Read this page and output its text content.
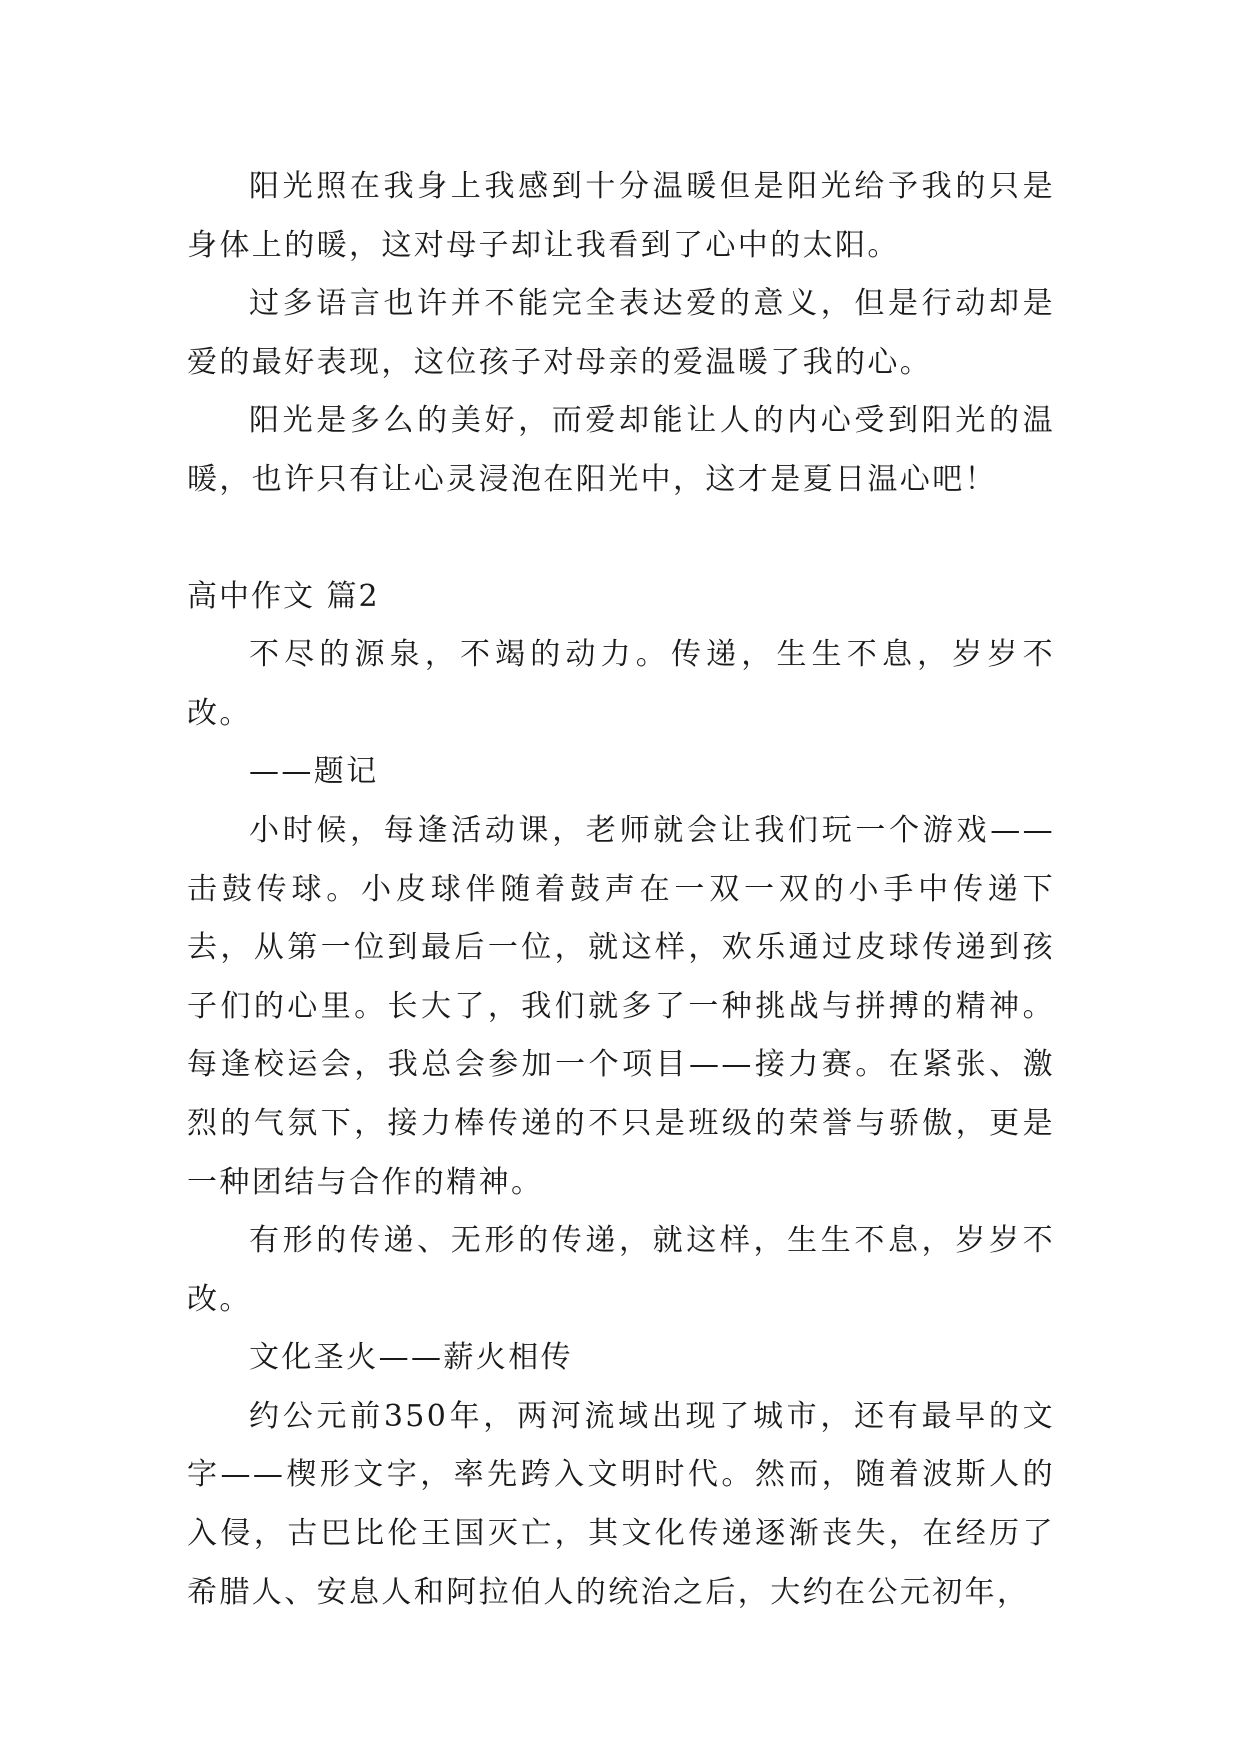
阳光照在我身上我感到十分温暖但是阳光给予我的只是身体上的暖，这对母子却让我看到了心中的太阳。

过多语言也许并不能完全表达爱的意义，但是行动却是爱的最好表现，这位孩子对母亲的爱温暖了我的心。

阳光是多么的美好，而爱却能让人的内心受到阳光的温暖，也许只有让心灵浸泡在阳光中，这才是夏日温心吧！

高中作文 篇2

不尽的源泉，不竭的动力。传递，生生不息，岁岁不改。

——题记

小时候，每逢活动课，老师就会让我们玩一个游戏——击鼓传球。小皮球伴随着鼓声在一双一双的小手中传递下去，从第一位到最后一位，就这样，欢乐通过皮球传递到孩子们的心里。长大了，我们就多了一种挑战与拼搏的精神。每逢校运会，我总会参加一个项目——接力赛。在紧张、激烈的气氛下，接力棒传递的不只是班级的荣誉与骄傲，更是一种团结与合作的精神。

有形的传递、无形的传递，就这样，生生不息，岁岁不改。

文化圣火——薪火相传

约公元前350年，两河流域出现了城市，还有最早的文字——楔形文字，率先跨入文明时代。然而，随着波斯人的入侵，古巴比伦王国灭亡，其文化传递逐渐丧失，在经历了希腊人、安息人和阿拉伯人的统治之后，大约在公元初年，
